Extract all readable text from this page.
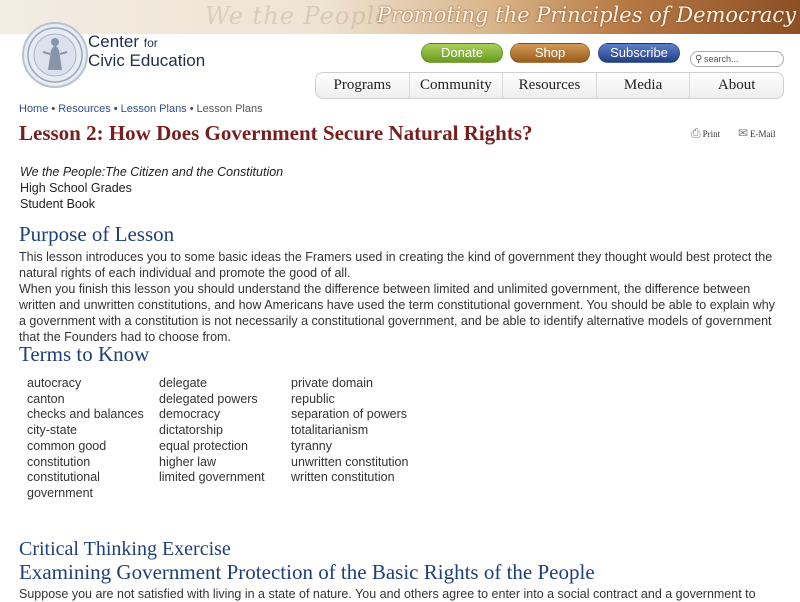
We the People
Promoting the Principles of Democracy
Center for
Civic Education	Donate	Shop	Subscribe	⚲ search...
Programs	Community	Resources	Media	About
Home • Resources • Lesson Plans • Lesson Plans
Lesson 2: How Does Government Secure Natural Rights?	⎙ Print ✉ E-Mail
We the People:The Citizen and the Constitution
High School Grades
Student Book
Purpose of Lesson
This lesson introduces you to some basic ideas the Framers used in creating the kind of government they thought would best protect the natural rights of each individual and promote the good of all.
When you finish this lesson you should understand the difference between limited and unlimited government, the difference between written and unwritten constitutions, and how Americans have used the term constitutional government. You should be able to explain why a government with a constitution is not necessarily a constitutional government, and be able to identify alternative models of government that the Founders had to choose from.
Terms to Know
autocracy
canton
checks and balances
city-state
common good
constitution
constitutional government
delegate
delegated powers
democracy
dictatorship
equal protection
higher law
limited government
private domain
republic
separation of powers
totalitarianism
tyranny
unwritten constitution
written constitution
Critical Thinking Exercise
Examining Government Protection of the Basic Rights of the People
Suppose you are not satisfied with living in a state of nature. You and others agree to enter into a social contract and a government to
